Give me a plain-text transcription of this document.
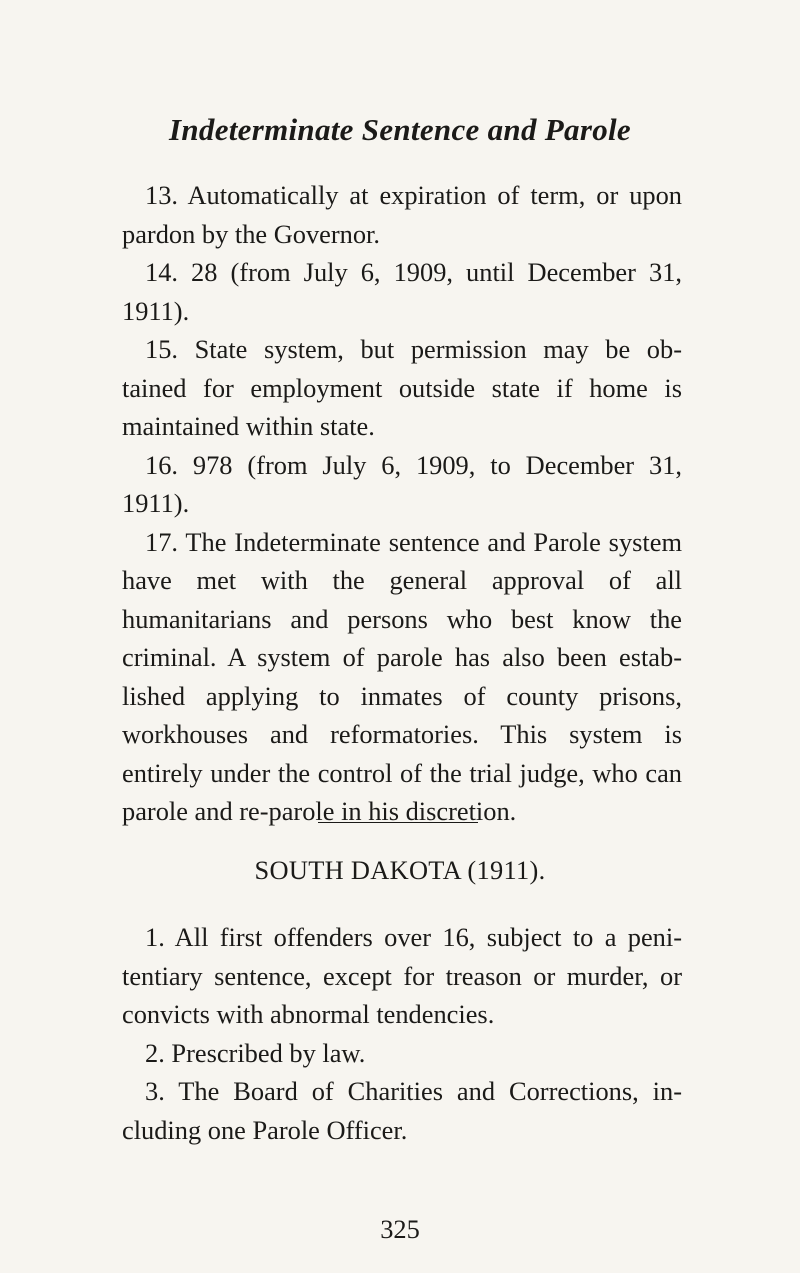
Indeterminate Sentence and Parole

13. Automatically at expiration of term, or upon pardon by the Governor.

14. 28 (from July 6, 1909, until December 31, 1911).

15. State system, but permission may be ob- tained for employment outside state if home is maintained within state.

16. 978 (from July 6, 1909, to December 31, 1911).

17. The Indeterminate sentence and Parole system have met with the general approval of all humanitarians and persons who best know the criminal. A system of parole has also been estab- lished applying to inmates of county prisons, workhouses and reformatories. This system is entirely under the control of the trial judge, who can parole and re-parole in his discretion.

SOUTH DAKOTA (1911).

1. All first offenders over 16, subject to a peni- tentiary sentence, except for treason or murder, or convicts with abnormal tendencies.

2. Prescribed by law.

3. The Board of Charities and Corrections, in- cluding one Parole Officer.

325
